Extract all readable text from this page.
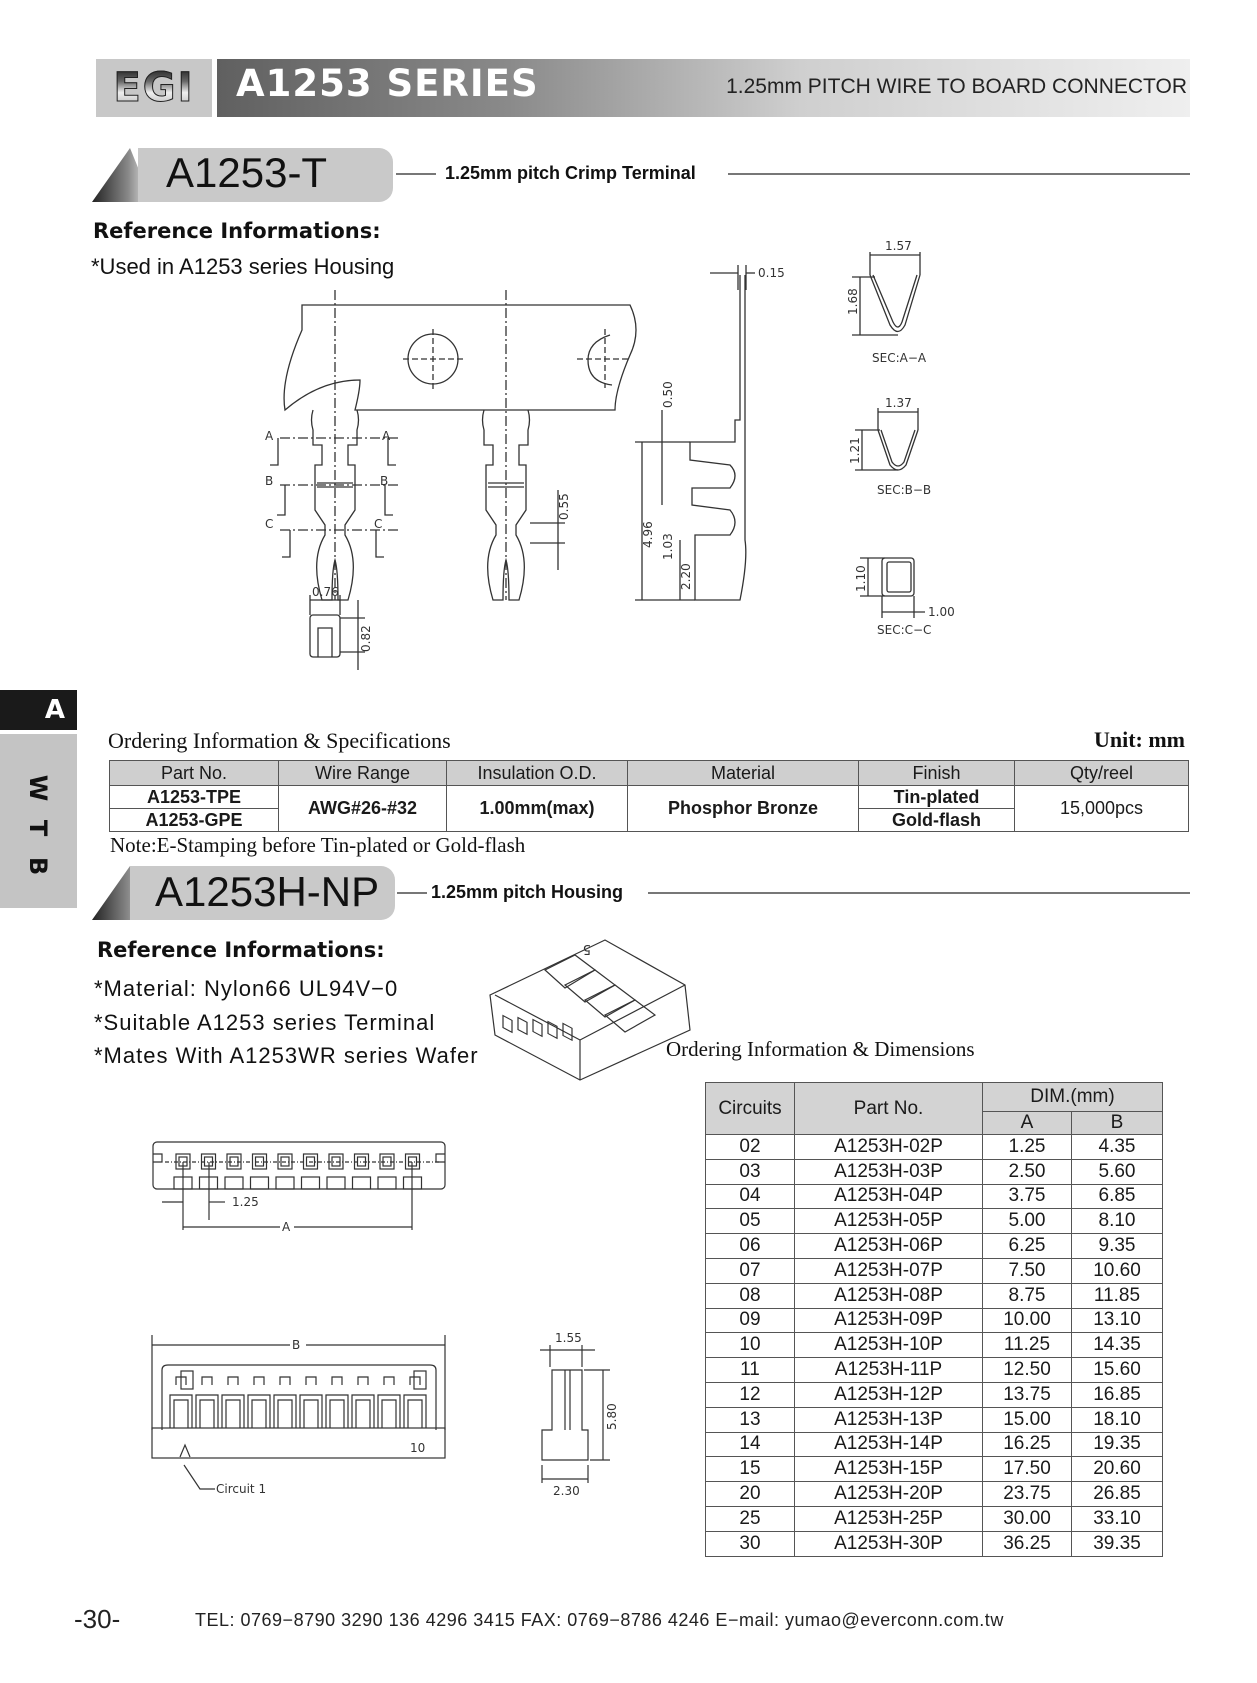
EGI A1253 SERIES	1.25mm PITCH WIRE TO BOARD CONNECTOR
A
W
T
B
A1253-T	1.25mm pitch Crimp Terminal
Reference Informations:
*Used in A1253 series Housing	0.15
A	A
B	B
C	C
0.55
0.50
4.96 1.03
2.20
0.76
0.82
1.57
1.68
SEC:A−A
1.37
1.21
SEC:B−B
1.10
1.00
SEC:C−C
Ordering Information & Specifications	Unit: mm
Part No.	Wire Range	Insulation O.D.	Material	Finish	Qty/reel
A1253-TPE	AWG#26-#32	1.00mm(max)	Phosphor Bronze	Tin-plated	15,000pcs
A1253-GPE				Gold-flash	
Note:E-Stamping before Tin-plated or Gold-flash
A1253H-NP	1.25mm pitch Housing
Reference Informations:
*Material: Nylon66 UL94V−0
*Suitable A1253 series Terminal
*Mates With A1253WR series Wafer
5
1.25
A
B
Circuit 1
10
1.55
5.80
2.30
Ordering Information & Dimensions
Circuits	Part No.	DIM.(mm)	
		A	B
02	A1253H-02P	1.25	4.35
03	A1253H-03P	2.50	5.60
04	A1253H-04P	3.75	6.85
05	A1253H-05P	5.00	8.10
06	A1253H-06P	6.25	9.35
07	A1253H-07P	7.50	10.60
08	A1253H-08P	8.75	11.85
09	A1253H-09P	10.00	13.10
10	A1253H-10P	11.25	14.35
11	A1253H-11P	12.50	15.60
12	A1253H-12P	13.75	16.85
13	A1253H-13P	15.00	18.10
14	A1253H-14P	16.25	19.35
15	A1253H-15P	17.50	20.60
20	A1253H-20P	23.75	26.85
25	A1253H-25P	30.00	33.10
30	A1253H-30P	36.25	39.35
-30-	TEL: 0769−8790 3290 136 4296 3415 FAX: 0769−8786 4246 E−mail: yumao@everconn.com.tw
